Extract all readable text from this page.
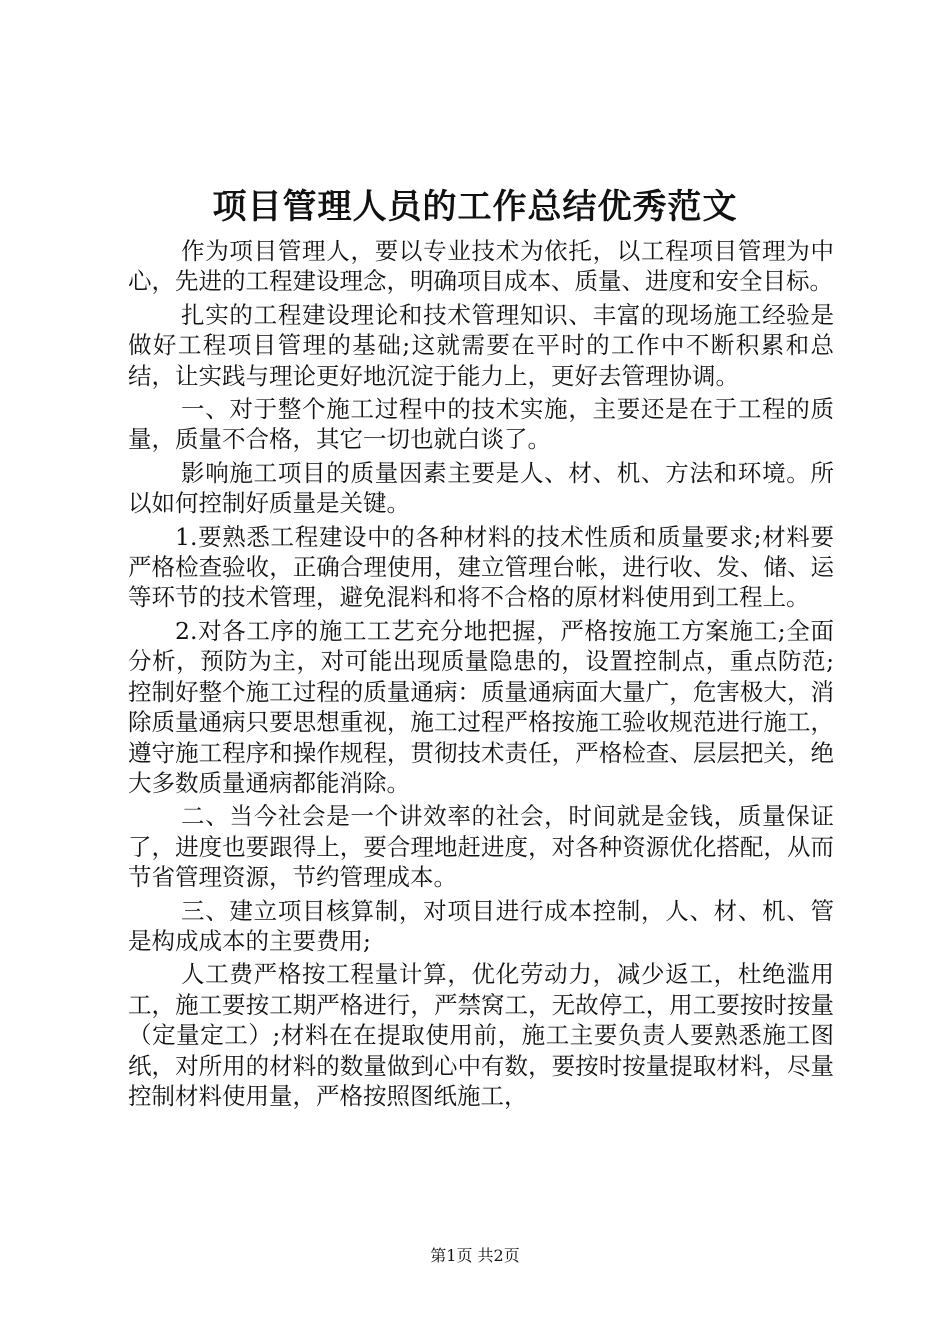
项目管理人员的工作总结优秀范文

作为项目管理人，要以专业技术为依托，以工程项目管理为中心，先进的工程建设理念，明确项目成本、质量、进度和安全目标。

扎实的工程建设理论和技术管理知识、丰富的现场施工经验是做好工程项目管理的基础;这就需要在平时的工作中不断积累和总结，让实践与理论更好地沉淀于能力上，更好去管理协调。

一、对于整个施工过程中的技术实施，主要还是在于工程的质量，质量不合格，其它一切也就白谈了。

影响施工项目的质量因素主要是人、材、机、方法和环境。所以如何控制好质量是关键。

1.要熟悉工程建设中的各种材料的技术性质和质量要求;材料要严格检查验收，正确合理使用，建立管理台帐，进行收、发、储、运等环节的技术管理，避免混料和将不合格的原材料使用到工程上。

2.对各工序的施工工艺充分地把握，严格按施工方案施工;全面分析，预防为主，对可能出现质量隐患的，设置控制点，重点防范;控制好整个施工过程的质量通病：质量通病面大量广，危害极大，消除质量通病只要思想重视，施工过程严格按施工验收规范进行施工，遵守施工程序和操作规程，贯彻技术责任，严格检查、层层把关，绝大多数质量通病都能消除。

二、当今社会是一个讲效率的社会，时间就是金钱，质量保证了，进度也要跟得上，要合理地赶进度，对各种资源优化搭配，从而节省管理资源，节约管理成本。

三、建立项目核算制，对项目进行成本控制，人、材、机、管是构成成本的主要费用;

人工费严格按工程量计算，优化劳动力，减少返工，杜绝滥用工，施工要按工期严格进行，严禁窝工，无故停工，用工要按时按量（定量定工）;材料在在提取使用前，施工主要负责人要熟悉施工图纸，对所用的材料的数量做到心中有数，要按时按量提取材料，尽量控制材料使用量，严格按照图纸施工，

第1页 共2页
